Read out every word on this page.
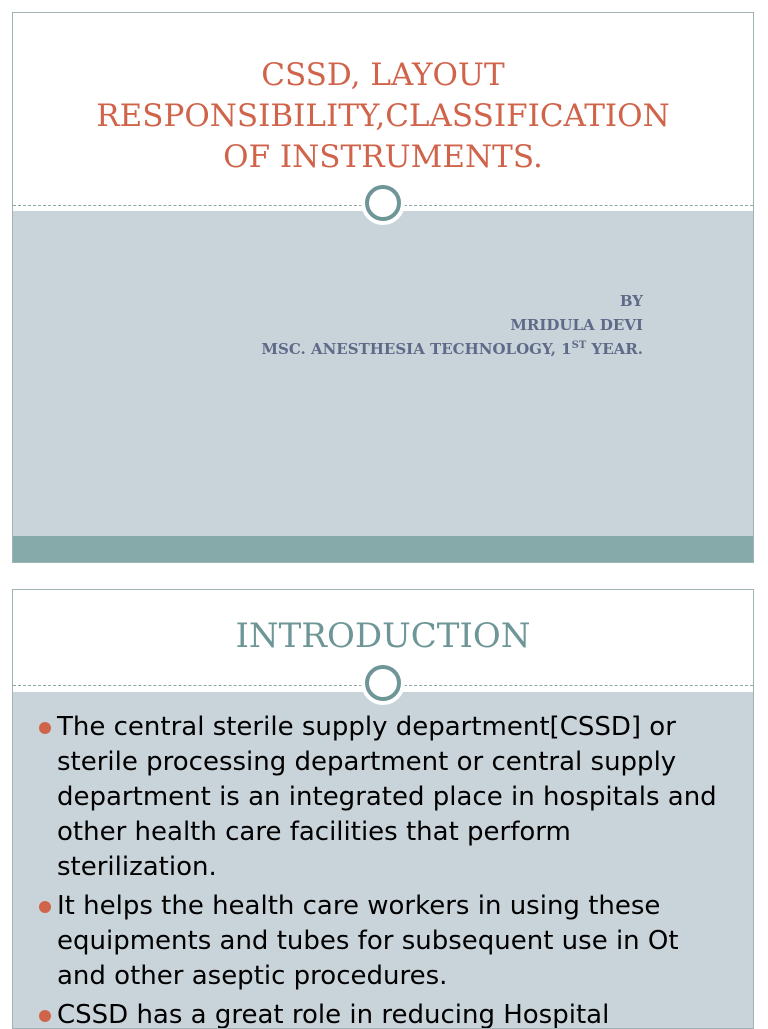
CSSD, LAYOUT
RESPONSIBILITY,CLASSIFICATION
OF INSTRUMENTS.
BY
MRIDULA DEVI
MSC. ANESTHESIA TECHNOLOGY, 1ST YEAR.
INTRODUCTION
The central sterile supply department[CSSD] or sterile processing department or central supply department is an integrated place in hospitals and other health care facilities that perform sterilization.
It helps the health care workers in using these equipments and tubes for subsequent use in Ot and other aseptic procedures.
CSSD has a great role in reducing Hospital
